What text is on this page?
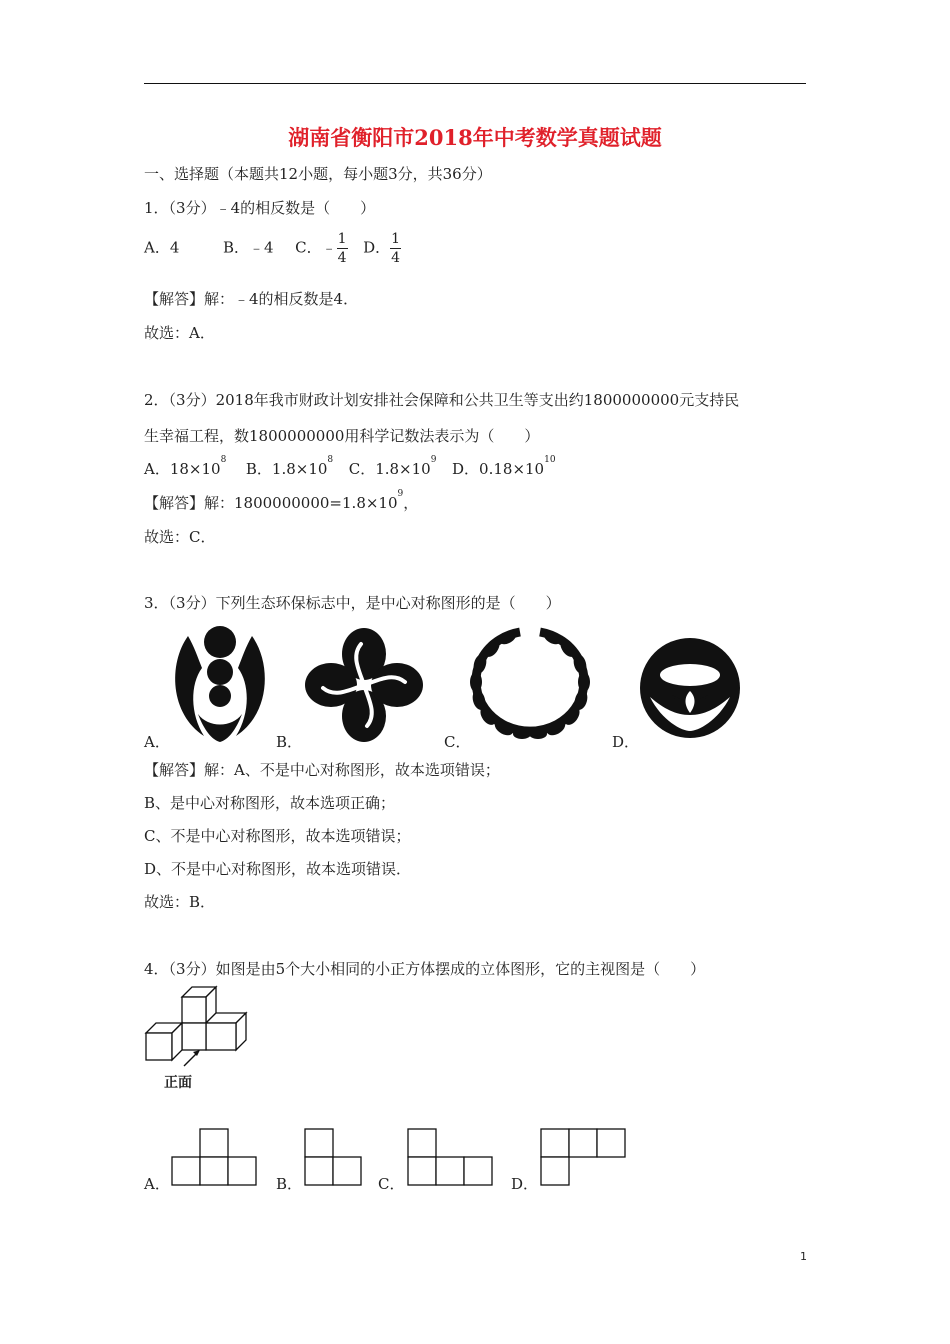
湖南省衡阳市2018年中考数学真题试题
一、选择题（本题共12小题，每小题3分，共36分）
1．（3分）﹣4的相反数是（　　）
A．4	B．﹣4 C．﹣ $\frac{1}{4}$ D． $\frac{1}{4}$
【解答】解：﹣4的相反数是4．
故选：A．
2．（3分）2018年我市财政计划安排社会保障和公共卫生等支出约1800000000元支持民
生幸福工程，数1800000000用科学记数法表示为（　　）
A．$18\times 10^8$ B．$1.8\times 10^8$ C．$1.8\times 10^9$ D．$0.18\times 10^{10}$
【解答】解：$1800000000=1.8\times 10^9$，
故选：C．
3．（3分）下列生态环保标志中，是中心对称图形的是（　　）
A．	B．	C．	D．
【解答】解：A、不是中心对称图形，故本选项错误；
B、是中心对称图形，故本选项正确；
C、不是中心对称图形，故本选项错误；
D、不是中心对称图形，故本选项错误．
故选：B．
4．（3分）如图是由5个大小相同的小正方体摆成的立体图形，它的主视图是（　　）
正面
A．	B．	C．	D．
1
